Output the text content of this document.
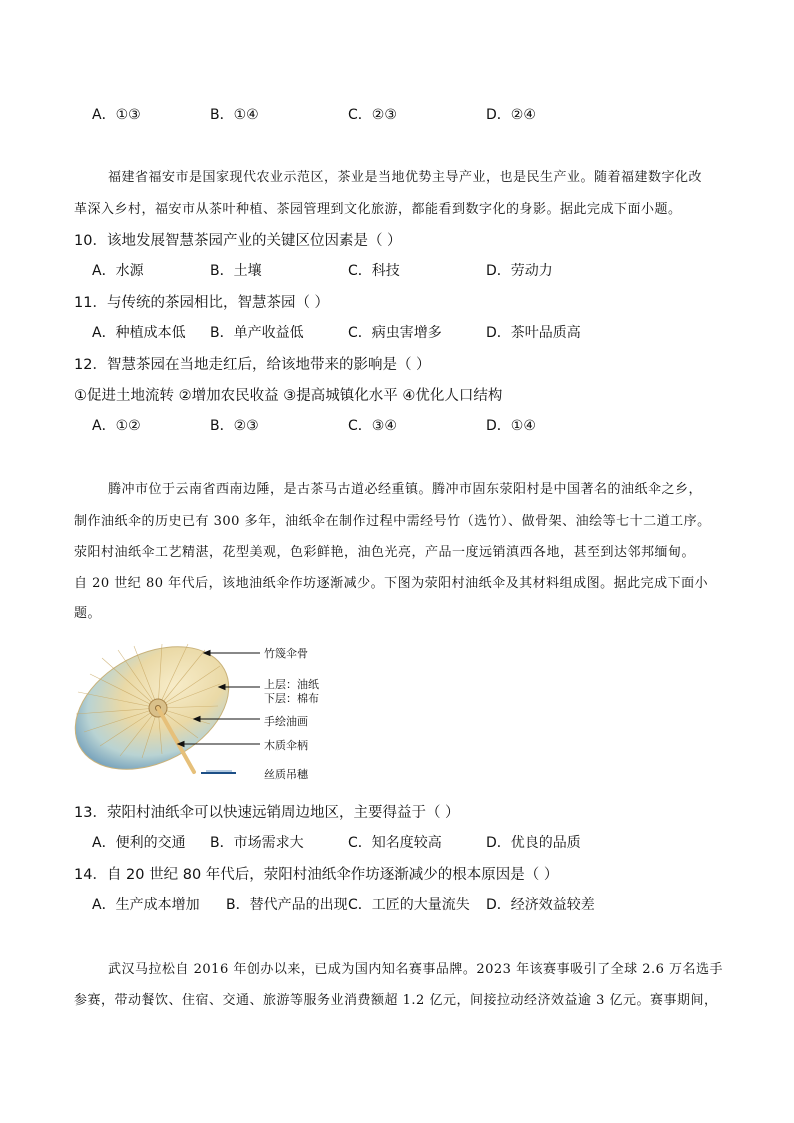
A．①③	B．①④	C．②③	D．②④
福建省福安市是国家现代农业示范区，茶业是当地优势主导产业，也是民生产业。随着福建数字化改
革深入乡村，福安市从茶叶种植、茶园管理到文化旅游，都能看到数字化的身影。据此完成下面小题。
10．该地发展智慧茶园产业的关键区位因素是（ ）
A．水源	B．土壤	C．科技	D．劳动力
11．与传统的茶园相比，智慧茶园（ ）
A．种植成本低 B．单产收益低	C．病虫害增多	D．茶叶品质高
12．智慧茶园在当地走红后，给该地带来的影响是（ ）
①促进土地流转 ②增加农民收益 ③提高城镇化水平 ④优化人口结构
A．①②	B．②③	C．③④	D．①④
腾冲市位于云南省西南边陲，是古茶马古道必经重镇。腾冲市固东荥阳村是中国著名的油纸伞之乡，
制作油纸伞的历史已有 300 多年，油纸伞在制作过程中需经号竹（选竹）、做骨架、油绘等七十二道工序。
荥阳村油纸伞工艺精湛，花型美观，色彩鲜艳，油色光亮，产品一度远销滇西各地，甚至到达邻邦缅甸。
自 20 世纪 80 年代后，该地油纸伞作坊逐渐减少。下图为荥阳村油纸伞及其材料组成图。据此完成下面小
题。
竹篾伞骨
上层：油纸
下层：棉布
手绘油画
木质伞柄
丝质吊穗
13．荥阳村油纸伞可以快速远销周边地区，主要得益于（ ）
A．便利的交通 B．市场需求大	C．知名度较高	D．优良的品质
14．自 20 世纪 80 年代后，荥阳村油纸伞作坊逐渐减少的根本原因是（ ）
A．生产成本增加 B．替代产品的出现 C．工匠的大量流失 D．经济效益较差
武汉马拉松自 2016 年创办以来，已成为国内知名赛事品牌。2023 年该赛事吸引了全球 2.6 万名选手
参赛，带动餐饮、住宿、交通、旅游等服务业消费额超 1.2 亿元，间接拉动经济效益逾 3 亿元。赛事期间，
